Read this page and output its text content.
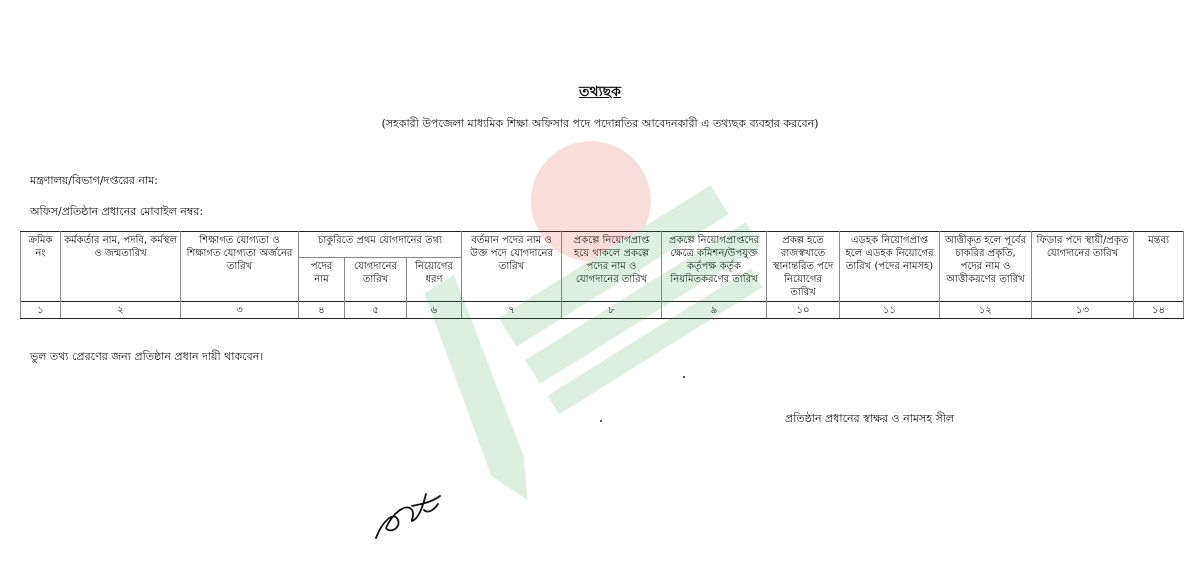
তথ্যছক
(সহকারী উপজেলা মাধ্যমিক শিক্ষা অফিসার পদে পদোন্নতির আবেদনকারী এ তথ্যছক ব্যবহার করবেন)
মন্ত্রণালয়/বিভাগ/দপ্তরের নাম:
অফিস/প্রতিষ্ঠান প্রধানের মোবাইল নম্বর:
ক্রমিক নং	কর্মকর্তার নাম, পদবি, কর্মস্থল ও জন্মতারিখ	শিক্ষাগত যোগ্যতা ও শিক্ষাগত যোগ্যতা অর্জনের তারিখ	চাকুরিতে প্রথম যোগদানের তথ্য			বর্তমান পদের নাম ও উক্ত পদে যোগদানের তারিখ	প্রকল্পে নিয়োগপ্রাপ্ত হয়ে থাকলে প্রকল্পে পদের নাম ও যোগদানের তারিখ	প্রকল্পে নিয়োগপ্রাপ্তদের ক্ষেত্রে কমিশন/উপযুক্ত কর্তৃপক্ষ কর্তৃক নিয়মিতকরণের তারিখ	প্রকল্প হতে রাজস্বখাতে স্থানান্তরিত পদে নিয়োগের তারিখ	এডহক নিয়োগপ্রাপ্ত হলে এডহক নিয়োগের তারিখ (পদের নামসহ)	আত্তীকৃত হলে পূর্বের চাকরির প্রকৃতি, পদের নাম ও আত্তীকরণের তারিখ	ফিডার পদে স্থায়ী/প্রকৃত যোগদানের তারিখ	মন্তব্য
			পদের নাম	যোগদানের তারিখ	নিয়োগের ধরণ								
১	২	৩	৪	৫	৬	৭	৮	৯	১০	১১	১২	১৩	১৪
ভুল তথ্য প্রেরণের জন্য প্রতিষ্ঠান প্রধান দায়ী থাকবেন।
প্রতিষ্ঠান প্রধানের স্বাক্ষর ও নামসহ সীল
